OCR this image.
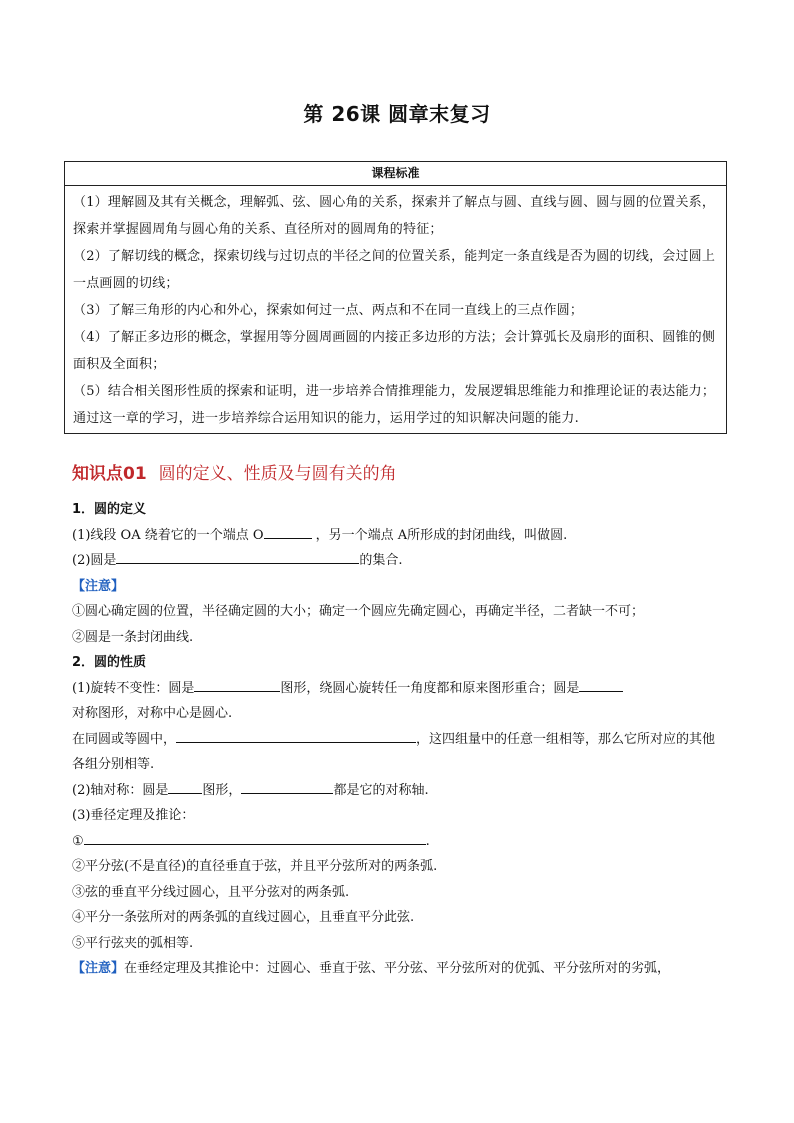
第 26课 圆章末复习
课程标准

（1）理解圆及其有关概念，理解弧、弦、圆心角的关系，探索并了解点与圆、直线与圆、圆与圆的位置关系，探索并掌握圆周角与圆心角的关系、直径所对的圆周角的特征；

（2）了解切线的概念，探索切线与过切点的半径之间的位置关系，能判定一条直线是否为圆的切线，会过圆上一点画圆的切线；

（3）了解三角形的内心和外心，探索如何过一点、两点和不在同一直线上的三点作圆；

（4）了解正多边形的概念，掌握用等分圆周画圆的内接正多边形的方法；会计算弧长及扇形的面积、圆锥的侧面积及全面积；

（5）结合相关图形性质的探索和证明，进一步培养合情推理能力，发展逻辑思维能力和推理论证的表达能力；通过这一章的学习，进一步培养综合运用知识的能力，运用学过的知识解决问题的能力.

知识点01 圆的定义、性质及与圆有关的角

1．圆的定义

(1)线段 OA 绕着它的一个端点 O	，另一个端点 A所形成的封闭曲线，叫做圆.

(2)圆是	的集合.

【注意】

①圆心确定圆的位置，半径确定圆的大小；确定一个圆应先确定圆心，再确定半径，二者缺一不可；

②圆是一条封闭曲线.

2．圆的性质

(1)旋转不变性：圆是	图形，绕圆心旋转任一角度都和原来图形重合；圆是

对称图形，对称中心是圆心.

在同圆或等圆中，	，这四组量中的任意一组相等，那么它所对应的其他各组分别相等.

(2)轴对称：圆是	图形，	都是它的对称轴.

(3)垂径定理及推论：

①	.

②平分弦(不是直径)的直径垂直于弦，并且平分弦所对的两条弧.

③弦的垂直平分线过圆心，且平分弦对的两条弧.

④平分一条弦所对的两条弧的直线过圆心，且垂直平分此弦.

⑤平行弦夹的弧相等.

【注意】在垂经定理及其推论中：过圆心、垂直于弦、平分弦、平分弦所对的优弧、平分弦所对的劣弧，
